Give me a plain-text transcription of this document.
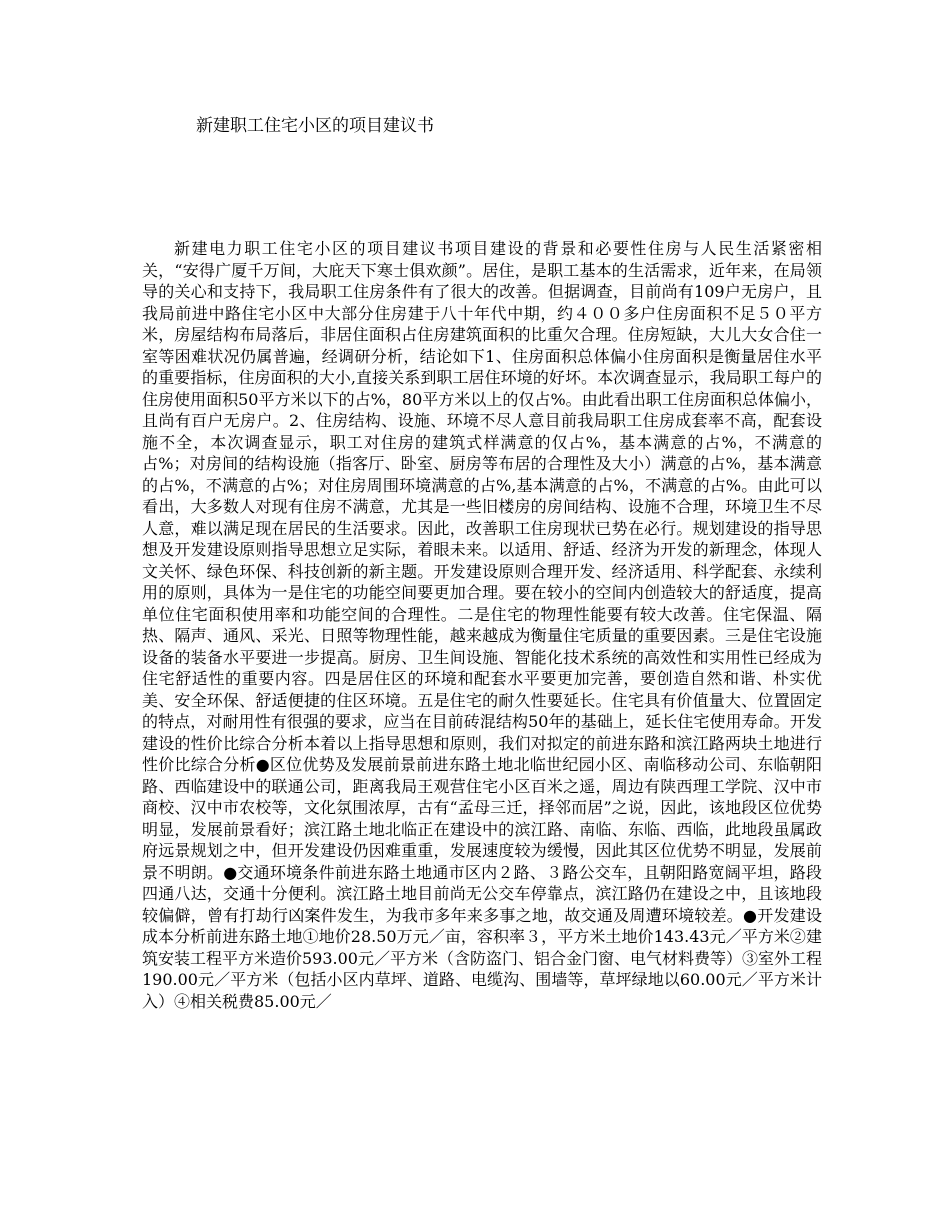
新建职工住宅小区的项目建议书

新建电力职工住宅小区的项目建议书项目建设的背景和必要性住房与人民生活紧密相关，“安得广厦千万间，大庇天下寒士俱欢颜”。居住，是职工基本的生活需求，近年来，在局领导的关心和支持下，我局职工住房条件有了很大的改善。但据调查，目前尚有109户无房户，且我局前进中路住宅小区中大部分住房建于八十年代中期，约４００多户住房面积不足５０平方米，房屋结构布局落后，非居住面积占住房建筑面积的比重欠合理。住房短缺，大儿大女合住一室等困难状况仍属普遍，经调研分析，结论如下1、住房面积总体偏小住房面积是衡量居住水平的重要指标，住房面积的大小,直接关系到职工居住环境的好坏。本次调查显示，我局职工每户的住房使用面积50平方米以下的占%，80平方米以上的仅占%。由此看出职工住房面积总体偏小，且尚有百户无房户。2、住房结构、设施、环境不尽人意目前我局职工住房成套率不高，配套设施不全，本次调查显示，职工对住房的建筑式样满意的仅占%，基本满意的占%，不满意的占%；对房间的结构设施（指客厅、卧室、厨房等布居的合理性及大小）满意的占%，基本满意的占%，不满意的占%；对住房周围环境满意的占%,基本满意的占%，不满意的占%。由此可以看出，大多数人对现有住房不满意，尤其是一些旧楼房的房间结构、设施不合理，环境卫生不尽人意，难以满足现在居民的生活要求。因此，改善职工住房现状已势在必行。规划建设的指导思想及开发建设原则指导思想立足实际，着眼未来。以适用、舒适、经济为开发的新理念，体现人文关怀、绿色环保、科技创新的新主题。开发建设原则合理开发、经济适用、科学配套、永续利用的原则，具体为一是住宅的功能空间要更加合理。要在较小的空间内创造较大的舒适度，提高单位住宅面积使用率和功能空间的合理性。二是住宅的物理性能要有较大改善。住宅保温、隔热、隔声、通风、采光、日照等物理性能，越来越成为衡量住宅质量的重要因素。三是住宅设施设备的装备水平要进一步提高。厨房、卫生间设施、智能化技术系统的高效性和实用性已经成为住宅舒适性的重要内容。四是居住区的环境和配套水平要更加完善，要创造自然和谐、朴实优美、安全环保、舒适便捷的住区环境。五是住宅的耐久性要延长。住宅具有价值量大、位置固定的特点，对耐用性有很强的要求，应当在目前砖混结构50年的基础上，延长住宅使用寿命。开发建设的性价比综合分析本着以上指导思想和原则，我们对拟定的前进东路和滨江路两块土地进行性价比综合分析●区位优势及发展前景前进东路土地北临世纪园小区、南临移动公司、东临朝阳路、西临建设中的联通公司，距离我局王观营住宅小区百米之遥，周边有陕西理工学院、汉中市商校、汉中市农校等，文化氛围浓厚，古有“孟母三迁，择邻而居”之说，因此，该地段区位优势明显，发展前景看好；滨江路土地北临正在建设中的滨江路、南临、东临、西临，此地段虽属政府远景规划之中，但开发建设仍因难重重，发展速度较为缓慢，因此其区位优势不明显，发展前景不明朗。●交通环境条件前进东路土地通市区内２路、３路公交车，且朝阳路宽阔平坦，路段四通八达，交通十分便利。滨江路土地目前尚无公交车停靠点，滨江路仍在建设之中，且该地段较偏僻，曾有打劫行凶案件发生，为我市多年来多事之地，故交通及周遭环境较差。●开发建设成本分析前进东路土地①地价28.50万元／亩，容积率３，平方米土地价143.43元／平方米②建筑安装工程平方米造价593.00元／平方米（含防盗门、铝合金门窗、电气材料费等）③室外工程190.00元／平方米（包括小区内草坪、道路、电缆沟、围墙等，草坪绿地以60.00元／平方米计入）④相关税费85.00元／
